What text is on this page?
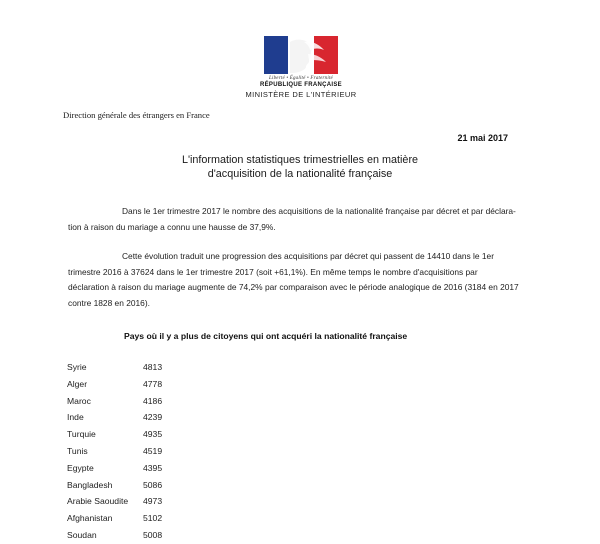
Liberté • Égalité • Fraternité
RÉPUBLIQUE FRANÇAISE
MINISTÈRE DE L'INTÉRIEUR
Direction générale des étrangers en France
21 mai 2017
L'information statistiques trimestrielles en matière
d'acquisition de la nationalité française
Dans le 1er trimestre 2017 le nombre des acquisitions de la nationalité française par décret et par déclara-
tion à raison du mariage a connu une hausse de 37,9%.
Cette évolution traduit une progression des acquisitions par décret qui passent de 14410 dans le 1er
trimestre 2016 à 37624 dans le 1er trimestre 2017 (soit +61,1%). En même temps le nombre d'acquisitions par
déclaration à raison du mariage augmente de 74,2% par comparaison avec le période analogique de 2016 (3184 en 2017
contre 1828 en 2016).
Pays où il y a plus de citoyens qui ont acquéri la nationalité française
Syrie	4813
Alger	4778
Maroc	4186
Inde	4239
Turquie	4935
Tunis	4519
Egypte	4395
Bangladesh	5086
Arabie Saoudite 4973
Afghanistan	5102
Soudan	5008
